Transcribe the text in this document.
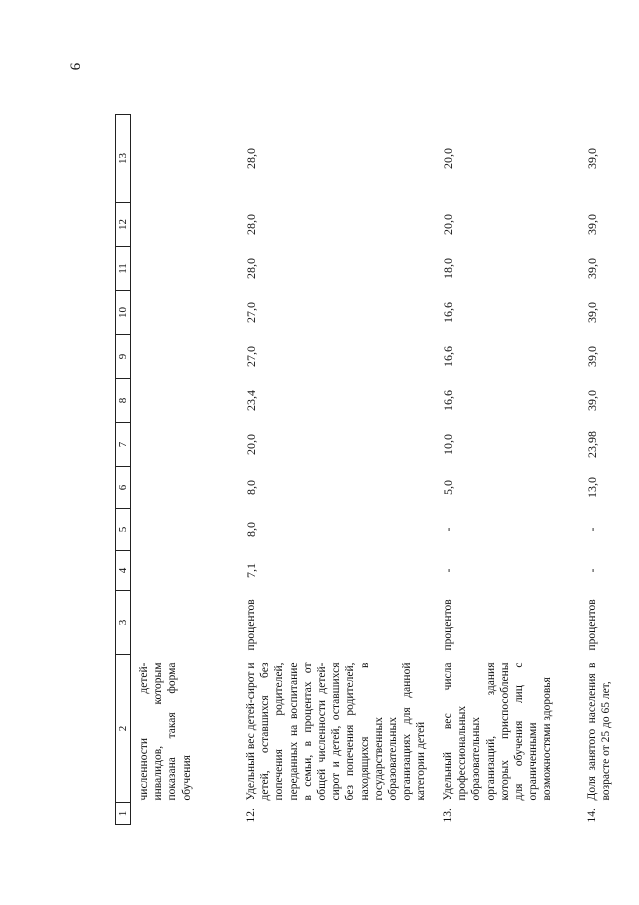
9
1	2	3	4	5	6	7	8	9	10	11	12	13
	численности детей-инвалидов, которым показана такая форма обучения											
12.	Удельный вес детей-сирот и детей, оставшихся без попечения родителей, переданных на воспитание в семьи, в процентах от общей численности детей-сирот и детей, оставшихся без попечения родителей, находящихся в государственных образовательных организациях для данной категории детей	процентов	7,1	8,0	8,0	20,0	23,4	27,0	27,0	28,0	28,0	28,0
13.	Удельный вес числа профессиональных образовательных организаций, здания которых приспособлены для обучения лиц с ограниченными возможностями здоровья	процентов	-	-	5,0	10,0	16,6	16,6	16,6	18,0	20,0	20,0
14.	Доля занятого населения в возрасте от 25 до 65 лет,	процентов	-	-	13,0	23,98	39,0	39,0	39,0	39,0	39,0	39,0
